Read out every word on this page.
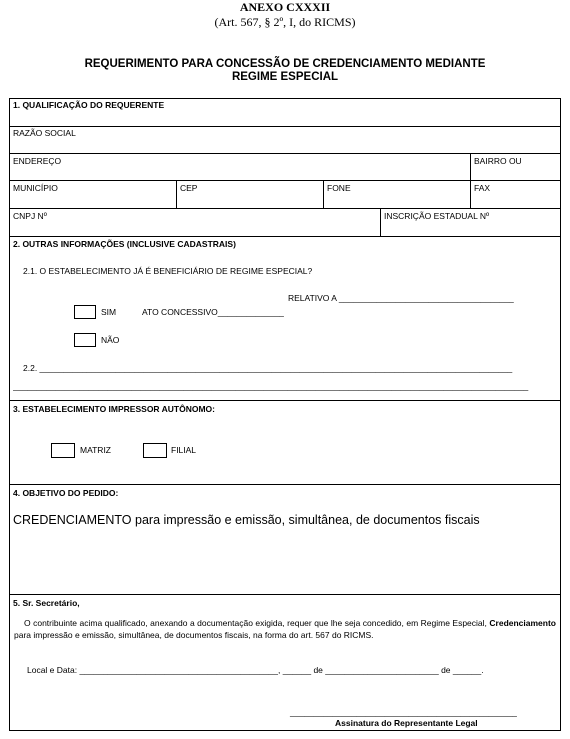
ANEXO CXXXII
(Art. 567, § 2º, I, do RICMS)
REQUERIMENTO PARA CONCESSÃO DE CREDENCIAMENTO MEDIANTE
REGIME ESPECIAL
1. QUALIFICAÇÃO DO REQUERENTE
RAZÃO SOCIAL
ENDEREÇO	BAIRRO OU
MUNICÍPIO	CEP	FONE	FAX
CNPJ Nº	INSCRIÇÃO ESTADUAL Nº
2. OUTRAS INFORMAÇÕES (INCLUSIVE CADASTRAIS)
2.1. O ESTABELECIMENTO JÁ É BENEFICIÁRIO DE REGIME ESPECIAL?
RELATIVO A _____________________________________
SIM	ATO CONCESSIVO______________
NÃO
2.2. ____________________________________________________________________________________________________
_____________________________________________________________________________________________________________
3. ESTABELECIMENTO IMPRESSOR AUTÔNOMO:
MATRIZ	FILIAL
4. OBJETIVO DO PEDIDO:
CREDENCIAMENTO para impressão e emissão, simultânea, de documentos fiscais
5. Sr. Secretário,
O contribuinte acima qualificado, anexando a documentação exigida, requer que lhe seja concedido, em Regime Especial, Credenciamento para impressão e emissão, simultânea, de documentos fiscais, na forma do art. 567 do RICMS.
Local e Data: __________________________________________, ______ de ________________________ de ______.
________________________________________________
Assinatura do Representante Legal
